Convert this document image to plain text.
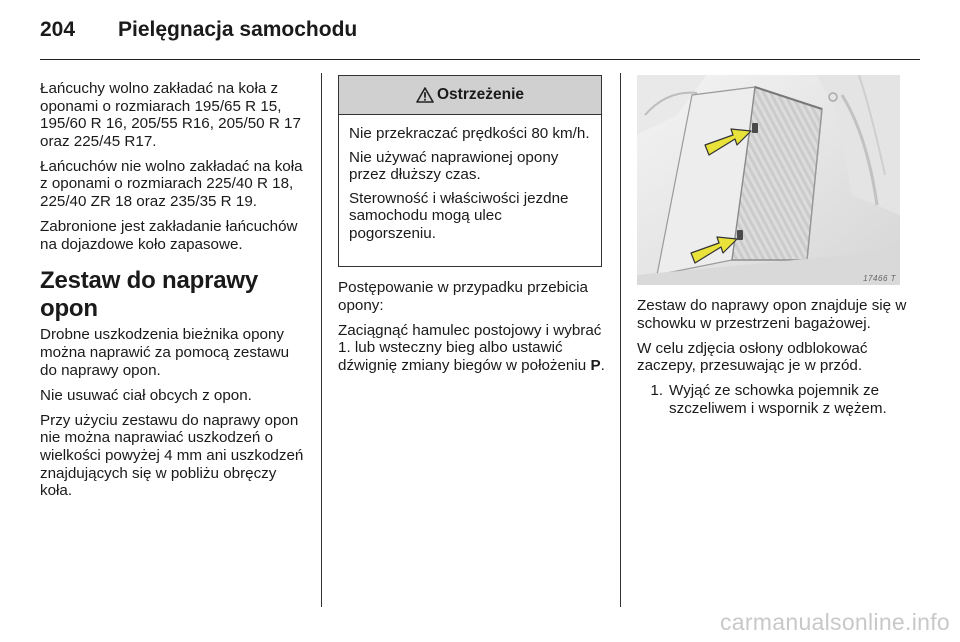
204 Pielęgnacja samochodu

Łańcuchy wolno zakładać na koła z oponami o rozmiarach 195/65 R 15, 195/60 R 16, 205/55 R16, 205/50 R 17 oraz 225/45 R17.

Łańcuchów nie wolno zakładać na koła z oponami o rozmiarach 225/40 R 18, 225/40 ZR 18 oraz 235/35 R 19.

Zabronione jest zakładanie łańcuchów na dojazdowe koło zapasowe.

Zestaw do naprawy opon

Drobne uszkodzenia bieżnika opony można naprawić za pomocą zestawu do naprawy opon.

Nie usuwać ciał obcych z opon.

Przy użyciu zestawu do naprawy opon nie można naprawiać uszkodzeń o wielkości powyżej 4 mm ani uszkodzeń znajdujących się w pobliżu obręczy koła.

Ostrzeżenie

Nie przekraczać prędkości 80 km/h.

Nie używać naprawionej opony przez dłuższy czas.

Sterowność i właściwości jezdne samochodu mogą ulec pogorszeniu.

Postępowanie w przypadku przebicia opony:

Zaciągnąć hamulec postojowy i wybrać 1. lub wsteczny bieg albo ustawić dźwignię zmiany biegów w położeniu P.

17466 T

Zestaw do naprawy opon znajduje się w schowku w przestrzeni bagażowej.

W celu zdjęcia osłony odblokować zaczepy, przesuwając je w przód.

1. Wyjąć ze schowka pojemnik ze szczeliwem i wspornik z wężem.
carmanualsonline.info
